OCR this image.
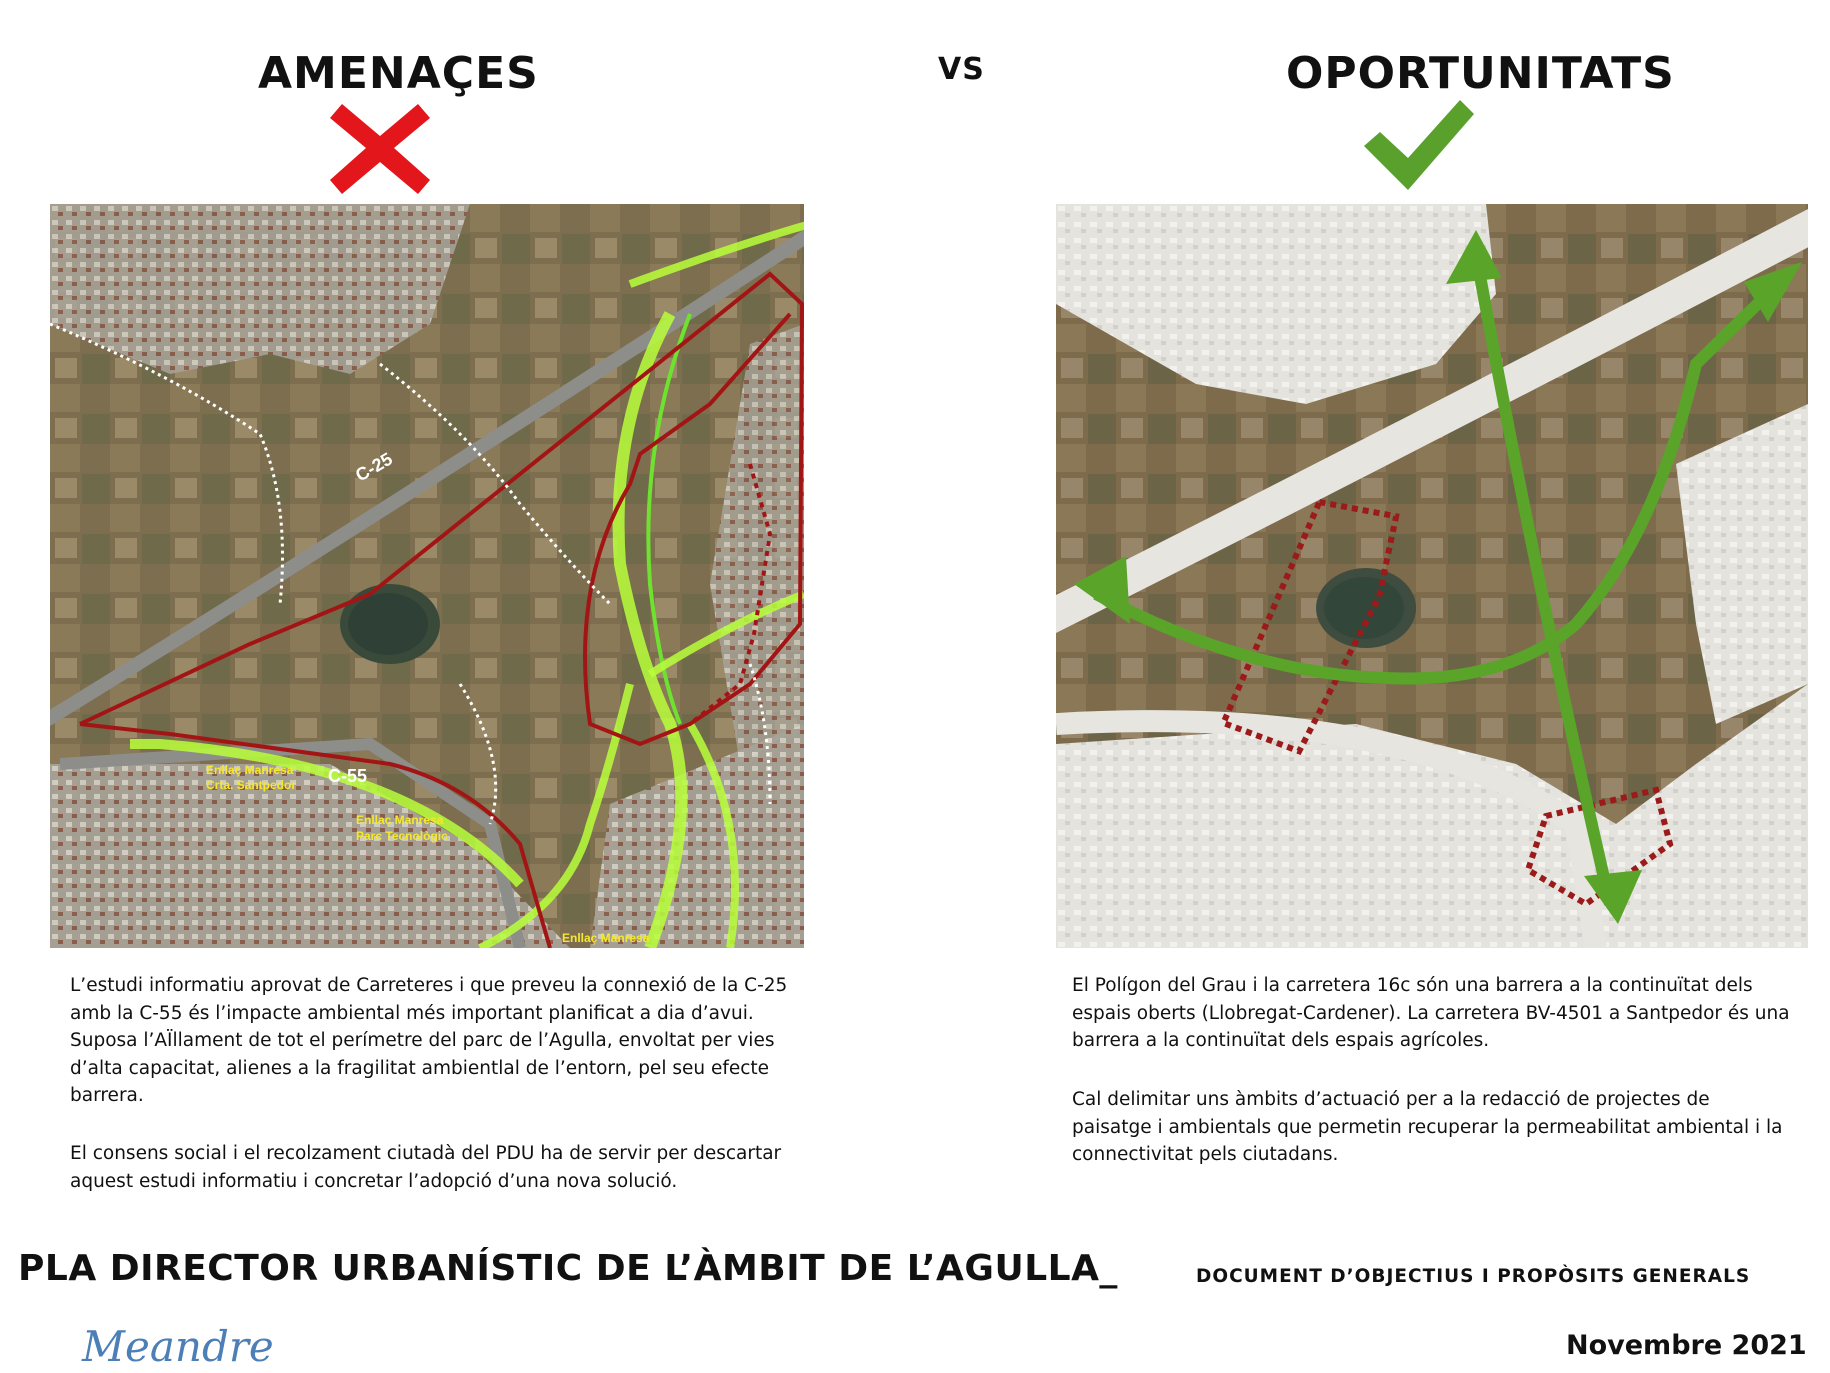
AMENAÇES	VS	OPORTUNITATS
C-25
C-55
Enllaç Manresa
Crta. Santpedor
Enllaç Manresa
Parc Tecnològic
Enllaç Manresa

L’estudi informatiu aprovat de Carreteres i que preveu la connexió de la C-25 amb la C-55 és l’impacte ambiental més important planificat a dia d’avui. Suposa l’AÏllament de tot el perímetre del parc de l’Agulla, envoltat per vies d’alta capacitat, alienes a la fragilitat ambientlal de l’entorn, pel seu efecte barrera.

El consens social i el recolzament ciutadà del PDU ha de servir per descartar aquest estudi informatiu i concretar l’adopció d’una nova solució.

El Polígon del Grau i la carretera 16c són una barrera a la continuïtat dels espais oberts (Llobregat-Cardener). La carretera BV-4501 a Santpedor és una barrera a la continuïtat dels espais agrícoles.

Cal delimitar uns àmbits d’actuació per a la redacció de projectes de paisatge i ambientals que permetin recuperar la permeabilitat ambiental i la connectivitat pels ciutadans.

PLA DIRECTOR URBANÍSTIC DE L’ÀMBIT DE L’AGULLA_	DOCUMENT D’OBJECTIUS I PROPÒSITS GENERALS
Meandre	Novembre 2021
